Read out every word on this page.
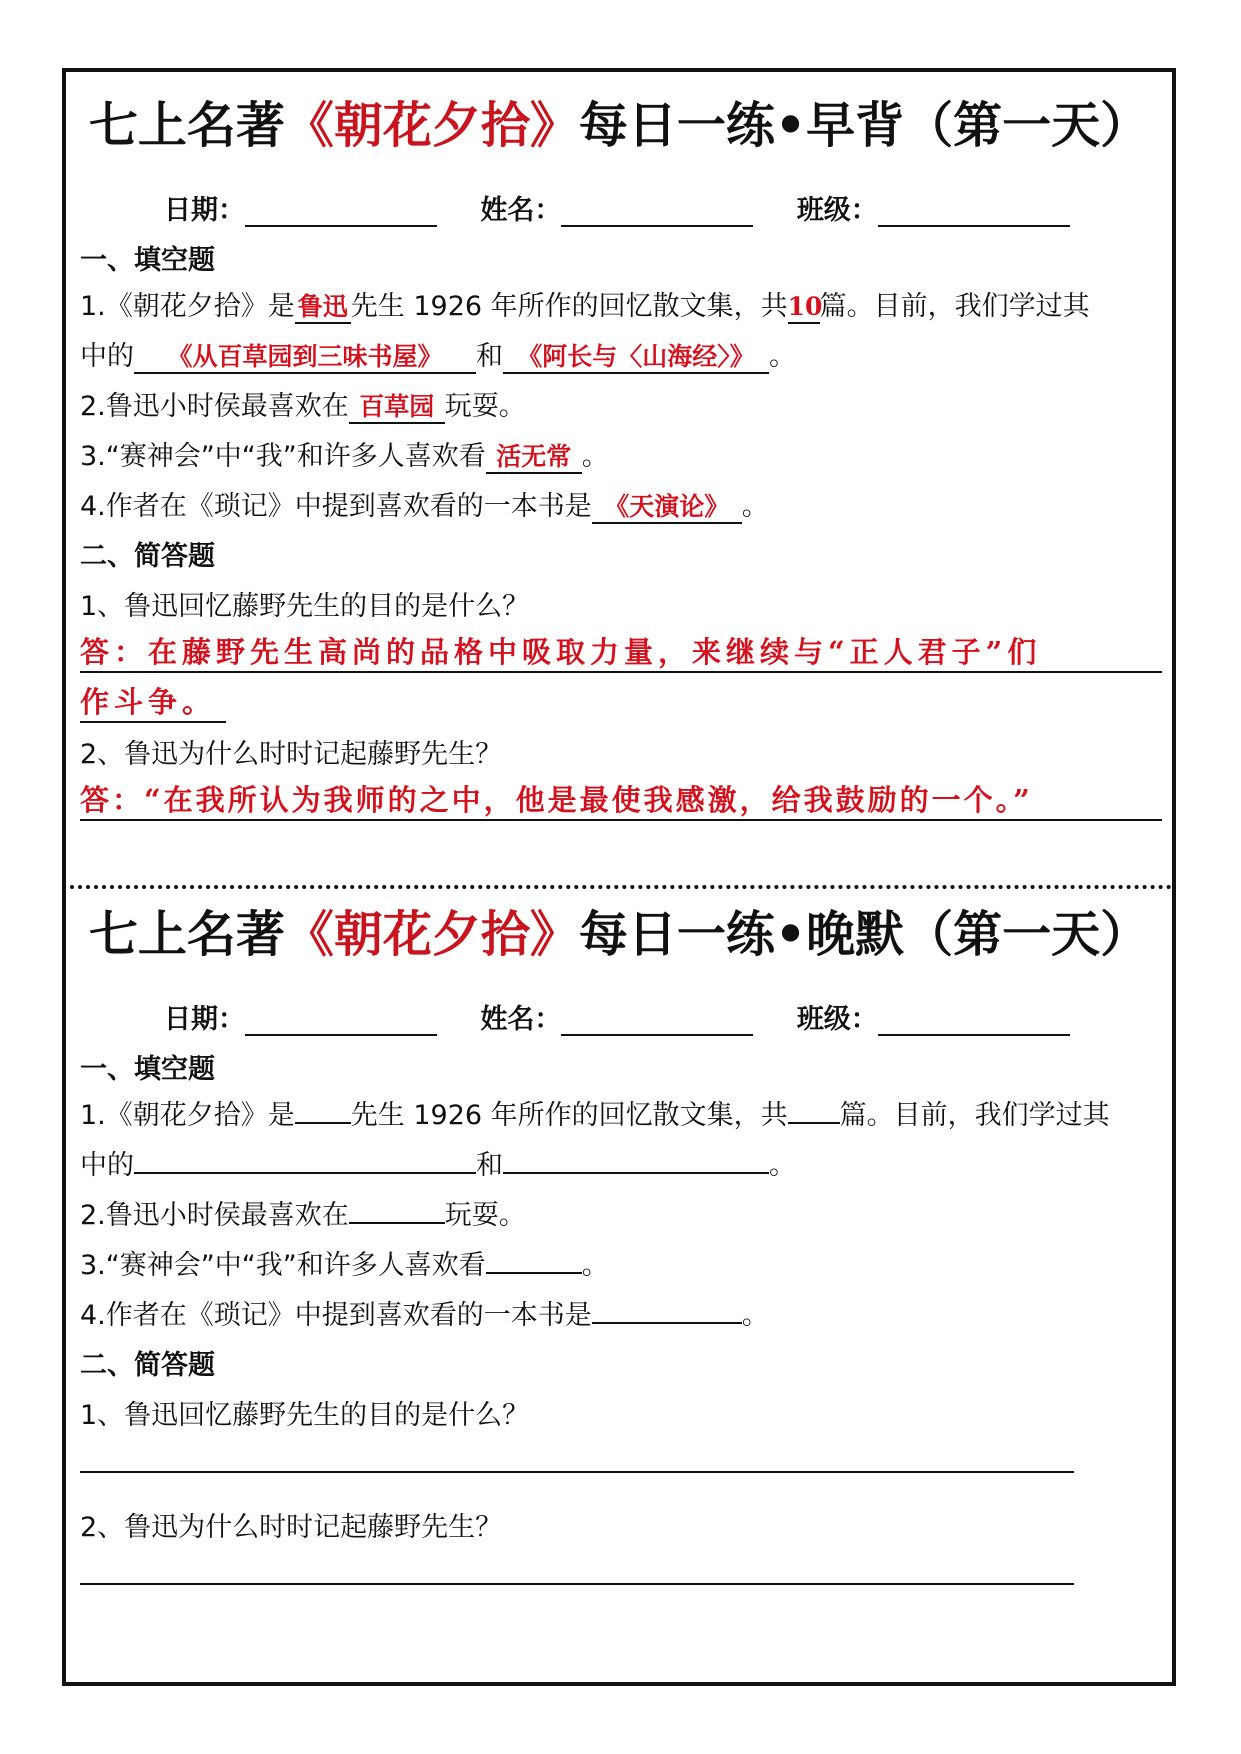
七上名著《朝花夕拾》每日一练•早背（第一天）
日期：	姓名：	班级：
一、填空题
1.《朝花夕拾》是 鲁迅 先生 1926 年所作的回忆散文集，共10篇。目前，我们学过其
中的 《从百草园到三味书屋》 和 《阿长与〈山海经〉》 。
2.鲁迅小时侯最喜欢在 百草园 玩耍。
3.“赛神会”中“我”和许多人喜欢看 活无常 。
4.作者在《琐记》中提到喜欢看的一本书是 《天演论》 。
二、简答题
1、鲁迅回忆藤野先生的目的是什么？
答：在藤野先生高尚的品格中吸取力量，来继续与“正人君子”们
作斗争。
2、鲁迅为什么时时记起藤野先生？
答：“在我所认为我师的之中，他是最使我感激，给我鼓励的一个。”
七上名著《朝花夕拾》每日一练•晚默（第一天）
日期：	姓名：	班级：
一、填空题
1.《朝花夕拾》是 先生 1926 年所作的回忆散文集，共 篇。目前，我们学过其
中的	和	。
2.鲁迅小时侯最喜欢在	玩耍。
3.“赛神会”中“我”和许多人喜欢看	。
4.作者在《琐记》中提到喜欢看的一本书是	。
二、简答题
1、鲁迅回忆藤野先生的目的是什么？
2、鲁迅为什么时时记起藤野先生？
